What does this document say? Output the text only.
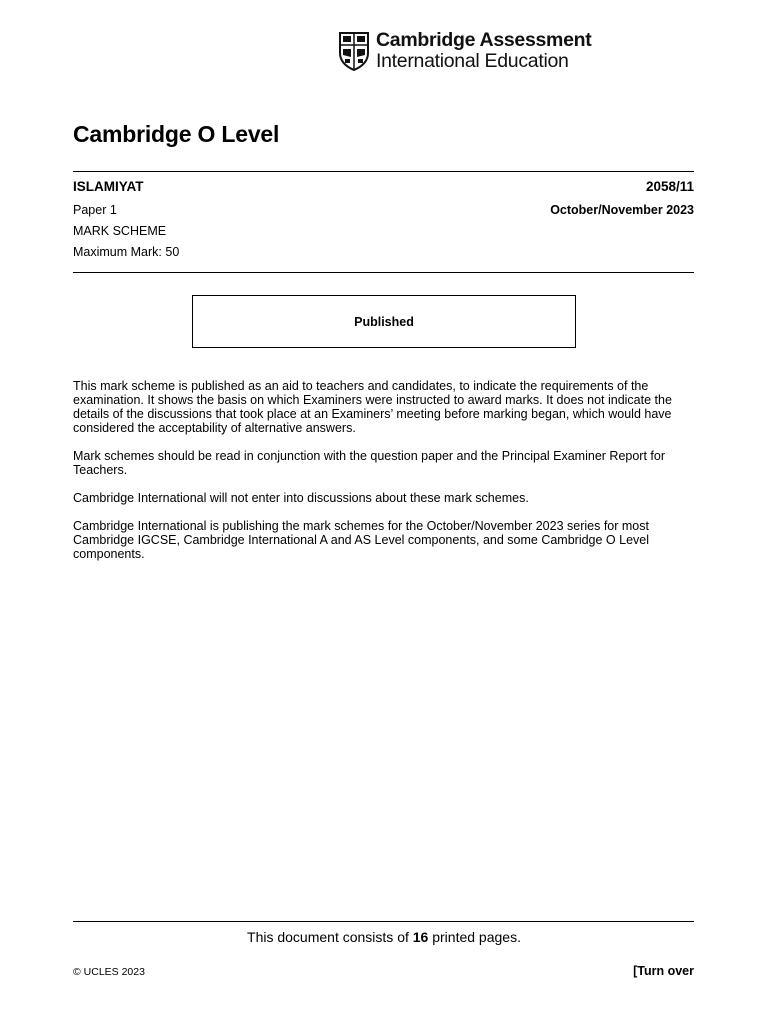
Cambridge Assessment
International Education
Cambridge O Level
ISLAMIYAT	2058/11
Paper 1	October/November 2023
MARK SCHEME
Maximum Mark: 50
Published

This mark scheme is published as an aid to teachers and candidates, to indicate the requirements of the examination. It shows the basis on which Examiners were instructed to award marks. It does not indicate the details of the discussions that took place at an Examiners’ meeting before marking began, which would have considered the acceptability of alternative answers.

Mark schemes should be read in conjunction with the question paper and the Principal Examiner Report for Teachers.

Cambridge International will not enter into discussions about these mark schemes.

Cambridge International is publishing the mark schemes for the October/November 2023 series for most Cambridge IGCSE, Cambridge International A and AS Level components, and some Cambridge O Level components.

This document consists of 16 printed pages.
© UCLES 2023	[Turn over
